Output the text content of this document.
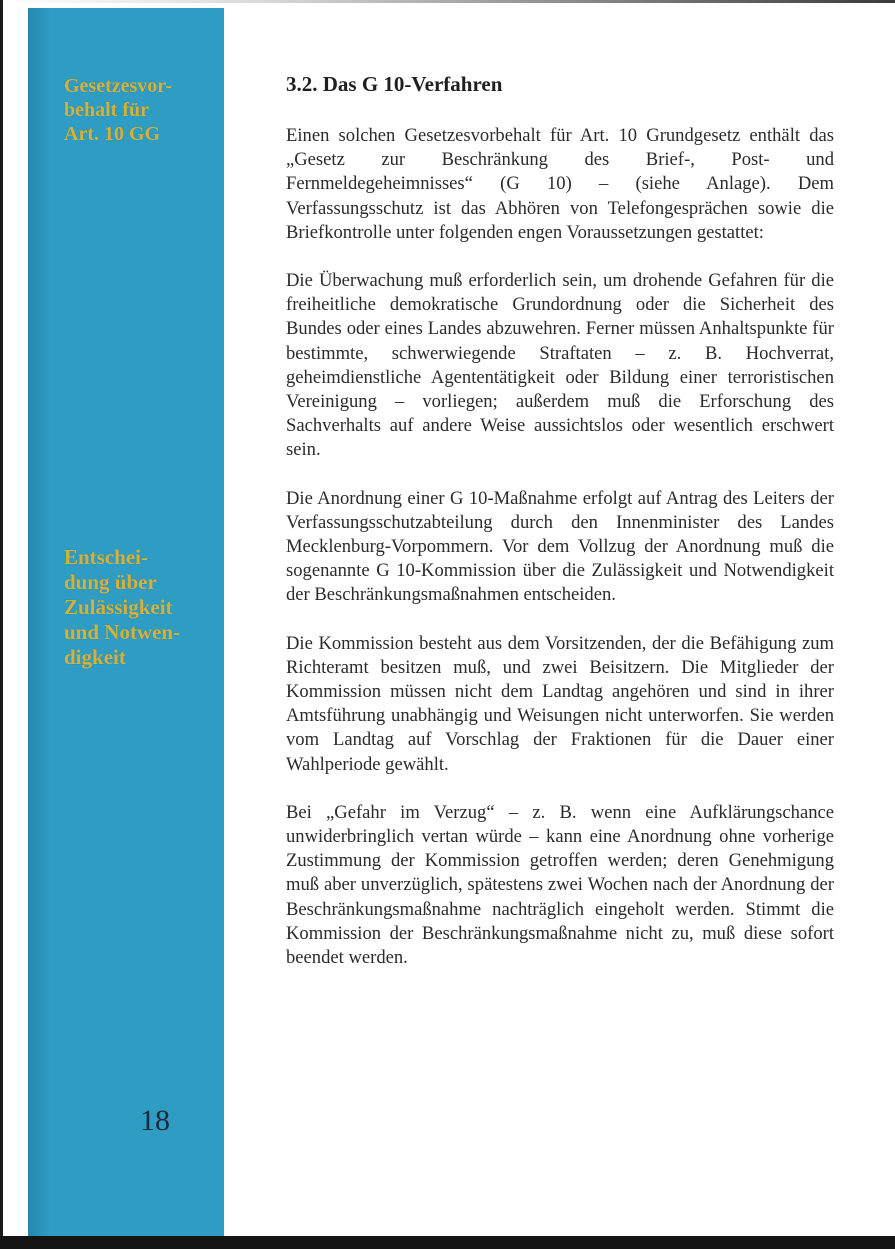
Gesetzesvor-
behalt für
Art. 10 GG
Entschei-
dung über
Zulässigkeit
und Notwen-
digkeit
18
3.2. Das G 10-Verfahren

Einen solchen Gesetzesvorbehalt für Art. 10 Grundgesetz enthält das „Gesetz zur Beschränkung des Brief-, Post- und Fernmeldegeheimnisses“ (G 10) – (siehe Anlage). Dem Verfassungsschutz ist das Abhören von Telefongesprächen sowie die Briefkontrolle unter folgenden engen Voraussetzungen gestattet:

Die Überwachung muß erforderlich sein, um drohende Gefahren für die freiheitliche demokratische Grundordnung oder die Sicherheit des Bundes oder eines Landes abzuwehren. Ferner müssen Anhaltspunkte für bestimmte, schwerwiegende Straftaten – z. B. Hochverrat, geheimdienstliche Agententätigkeit oder Bildung einer terroristischen Vereinigung – vorliegen; außerdem muß die Erforschung des Sachverhalts auf andere Weise aussichtslos oder wesentlich erschwert sein.

Die Anordnung einer G 10-Maßnahme erfolgt auf Antrag des Leiters der Verfassungsschutzabteilung durch den Innenminister des Landes Mecklenburg-Vorpommern. Vor dem Vollzug der Anordnung muß die sogenannte G 10-Kommission über die Zulässigkeit und Notwendigkeit der Beschränkungsmaßnahmen entscheiden.

Die Kommission besteht aus dem Vorsitzenden, der die Befähigung zum Richteramt besitzen muß, und zwei Beisitzern. Die Mitglieder der Kommission müssen nicht dem Landtag angehören und sind in ihrer Amtsführung unabhängig und Weisungen nicht unterworfen. Sie werden vom Landtag auf Vorschlag der Fraktionen für die Dauer einer Wahlperiode gewählt.

Bei „Gefahr im Verzug“ – z. B. wenn eine Aufklärungschance unwiderbringlich vertan würde – kann eine Anordnung ohne vorherige Zustimmung der Kommission getroffen werden; deren Genehmigung muß aber unverzüglich, spätestens zwei Wochen nach der Anordnung der Beschränkungsmaßnahme nachträglich eingeholt werden. Stimmt die Kommission der Beschränkungsmaßnahme nicht zu, muß diese sofort beendet werden.
